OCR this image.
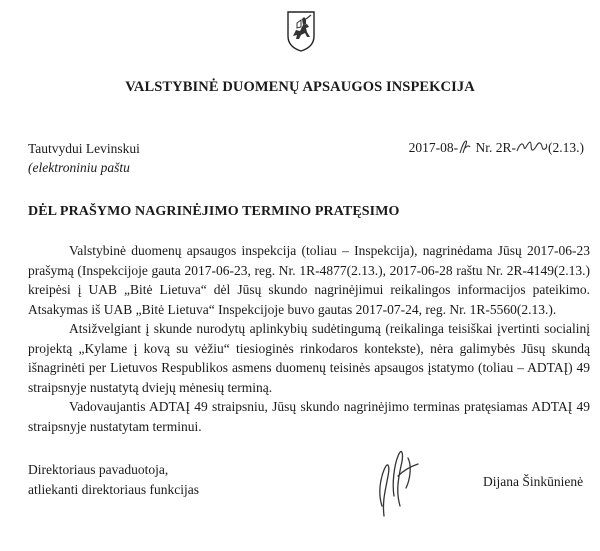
VALSTYBINĖ DUOMENŲ APSAUGOS INSPEKCIJA
Tautvydui Levinskui
(elektroniniu paštu
2017-08- Nr. 2R- (2.13.)
DĖL PRAŠYMO NAGRINĖJIMO TERMINO PRATĘSIMO

Valstybinė duomenų apsaugos inspekcija (toliau – Inspekcija), nagrinėdama Jūsų 2017-06-23 prašymą (Inspekcijoje gauta 2017-06-23, reg. Nr. 1R-4877(2.13.), 2017-06-28 raštu Nr. 2R-4149(2.13.) kreipėsi į UAB „Bitė Lietuva“ dėl Jūsų skundo nagrinėjimui reikalingos informacijos pateikimo. Atsakymas iš UAB „Bitė Lietuva“ Inspekcijoje buvo gautas 2017-07-24, reg. Nr. 1R-5560(2.13.).

Atsižvelgiant į skunde nurodytų aplinkybių sudėtingumą (reikalinga teisiškai įvertinti socialinį projektą „Kylame į kovą su vėžiu“ tiesioginės rinkodaros kontekste), nėra galimybės Jūsų skundą išnagrinėti per Lietuvos Respublikos asmens duomenų teisinės apsaugos įstatymo (toliau – ADTAĮ) 49 straipsnyje nustatytą dviejų mėnesių terminą.

Vadovaujantis ADTAĮ 49 straipsniu, Jūsų skundo nagrinėjimo terminas pratęsiamas ADTAĮ 49 straipsnyje nustatytam terminui.

Direktoriaus pavaduotoja,
atliekanti direktoriaus funkcijas	Dijana Šinkūnienė
